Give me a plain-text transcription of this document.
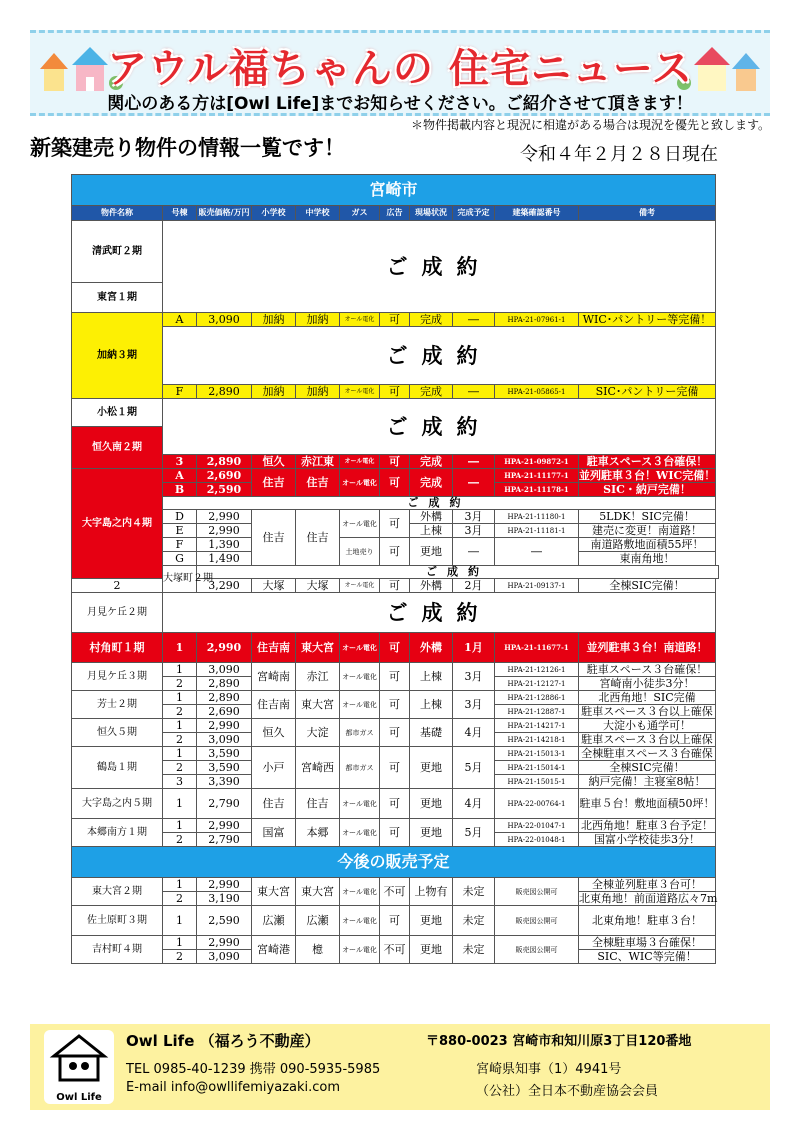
アウル福ちゃんの 住宅ニュース
関心のある方は[Owl Life]までお知らせください。ご紹介させて頂きます！
＊物件掲載内容と現況に相違がある場合は現況を優先と致します。
新築建売り物件の情報一覧です！	令和４年２月２８日現在
宮崎市										
物件名称	号棟	販売価格/万円	小学校	中学校	ガス	広告	現場状況	完成予定	建築確認番号	備考
清武町２期	ご成約									
東宮１期										
加納３期	A	3,090	加納	加納	オール電化	可	完成	―	HPA-21-07961-1	WIC･パントリー等完備！
	ご成約									
	F	2,890	加納	加納	オール電化	可	完成	―	HPA-21-05865-1	SIC･パントリー完備
小松１期	ご成約									
恒久南２期										
	3	2,890	恒久	赤江東	オール電化	可	完成	―	HPA-21-09872-1	駐車スペース３台確保！
大字島之内４期	A	2,690	住吉	住吉	オール電化	可	完成	―	HPA-21-11177-1	並列駐車３台！WIC完備！
	B	2,590							HPA-21-11178-1	SIC・納戸完備！
	ご成約									
	D	2,990	住吉	住吉	オール電化	可	外構	3月	HPA-21-11180-1	5LDK！SIC完備！
	E	2,990					上棟	3月	HPA-21-11181-1	建売に変更！南道路！
	F	1,390			土地売り	可	更地	―	―	南道路敷地面積55坪！
	G	1,490								東南角地！
	大塚町２期	ご成約								
2		3,290	大塚	大塚	オール電化	可	外構	2月	HPA-21-09137-1	全棟SIC完備！
月見ケ丘２期	ご成約									
村角町１期	1	2,990	住吉南	東大宮	オール電化	可	外構	1月	HPA-21-11677-1	並列駐車３台！南道路！
月見ケ丘３期	1	3,090	宮崎南	赤江	オール電化	可	上棟	3月	HPA-21-12126-1	駐車スペース３台確保！
	2	2,890							HPA-21-12127-1	宮崎南小徒歩3分！
芳士２期	1	2,890	住吉南	東大宮	オール電化	可	上棟	3月	HPA-21-12886-1	北西角地！SIC完備
	2	2,690							HPA-21-12887-1	駐車スペース３台以上確保
恒久５期	1	2,990	恒久	大淀	都市ガス	可	基礎	4月	HPA-21-14217-1	大淀小も通学可！
	2	3,090							HPA-21-14218-1	駐車スペース３台以上確保
鶴島１期	1	3,590	小戸	宮崎西	都市ガス	可	更地	5月	HPA-21-15013-1	全棟駐車スペース３台確保
	2	3,590							HPA-21-15014-1	全棟SIC完備！
	3	3,390							HPA-21-15015-1	納戸完備！主寝室8帖！
大字島之内５期	1	2,790	住吉	住吉	オール電化	可	更地	4月	HPA-22-00764-1	駐車５台！敷地面積50坪！
本郷南方１期	1	2,990	国富	本郷	オール電化	可	更地	5月	HPA-22-01047-1	北西角地！駐車３台予定！
	2	2,790							HPA-22-01048-1	国富小学校徒歩3分！
今後の販売予定										
東大宮２期	1	2,990	東大宮	東大宮	オール電化	不可	上物有	未定	販売図公開可	全棟並列駐車３台可！
	2	3,190								北東角地！前面道路広々7m
佐土原町３期	1	2,590	広瀬	広瀬	オール電化	可	更地	未定	販売図公開可	北東角地！駐車３台！
吉村町４期	1	2,990	宮崎港	檍	オール電化	不可	更地	未定	販売図公開可	全棟駐車場３台確保！
	2	3,090								SIC、WIC等完備！
Owl Life
Owl Life （福ろう不動産）	〒880-0023 宮崎市和知川原3丁目120番地
TEL 0985-40-1239 携帯 090-5935-5985	宮崎県知事（1）4941号
E-mail info@owllifemiyazaki.com	（公社）全日本不動産協会会員
